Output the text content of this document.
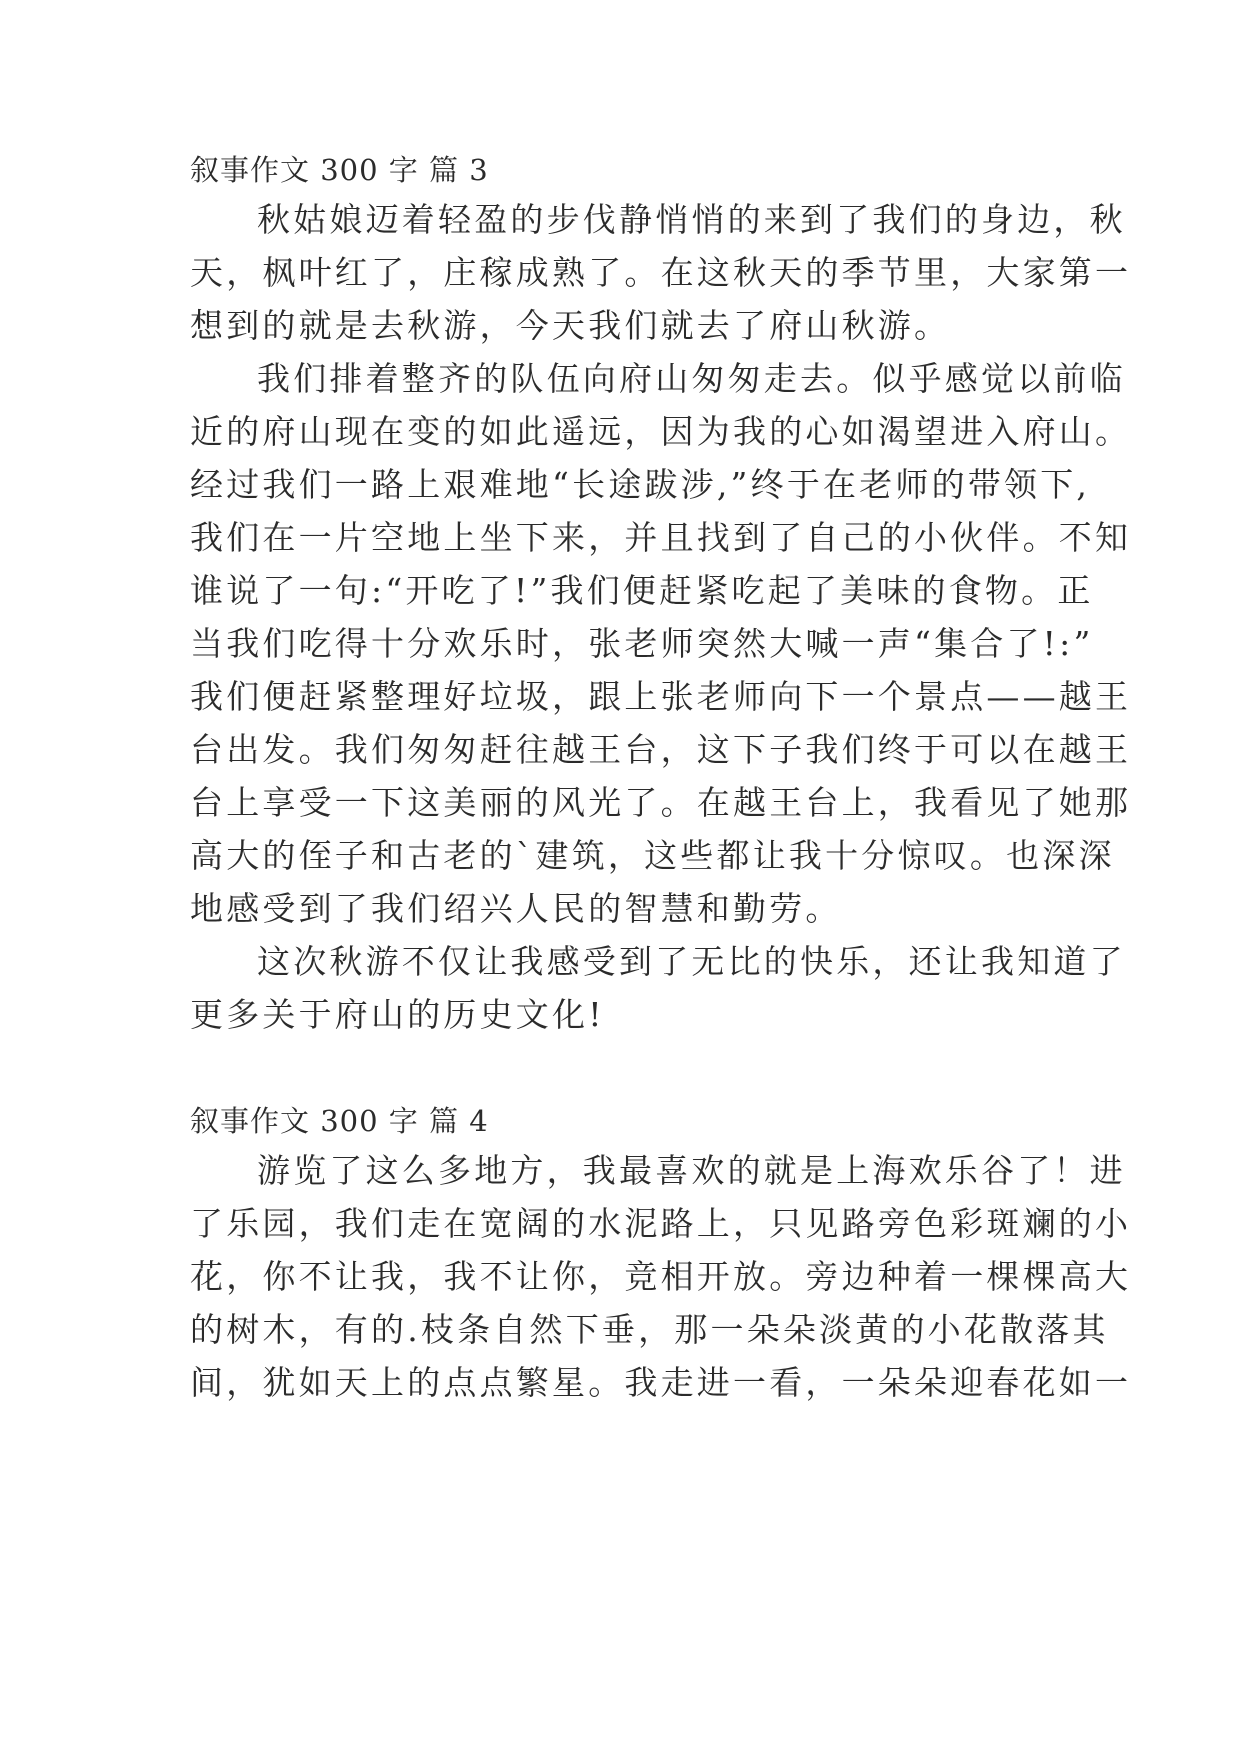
叙事作文 300 字 篇 3

秋姑娘迈着轻盈的步伐静悄悄的来到了我们的身边，秋

天，枫叶红了，庄稼成熟了。在这秋天的季节里，大家第一

想到的就是去秋游，今天我们就去了府山秋游。

我们排着整齐的队伍向府山匆匆走去。似乎感觉以前临

近的府山现在变的如此遥远，因为我的心如渴望进入府山。

经过我们一路上艰难地“长途跋涉,”终于在老师的带领下,

我们在一片空地上坐下来，并且找到了自己的小伙伴。不知

谁说了一句:“开吃了!”我们便赶紧吃起了美味的食物。正

当我们吃得十分欢乐时，张老师突然大喊一声“集合了!:”

我们便赶紧整理好垃圾，跟上张老师向下一个景点——越王

台出发。我们匆匆赶往越王台，这下子我们终于可以在越王

台上享受一下这美丽的风光了。在越王台上，我看见了她那

高大的侄子和古老的`建筑，这些都让我十分惊叹。也深深

地感受到了我们绍兴人民的智慧和勤劳。

这次秋游不仅让我感受到了无比的快乐，还让我知道了

更多关于府山的历史文化!

叙事作文 300 字 篇 4

游览了这么多地方，我最喜欢的就是上海欢乐谷了！进

了乐园，我们走在宽阔的水泥路上，只见路旁色彩斑斓的小

花，你不让我，我不让你，竞相开放。旁边种着一棵棵高大

的树木，有的.枝条自然下垂，那一朵朵淡黄的小花散落其

间，犹如天上的点点繁星。我走进一看，一朵朵迎春花如一
